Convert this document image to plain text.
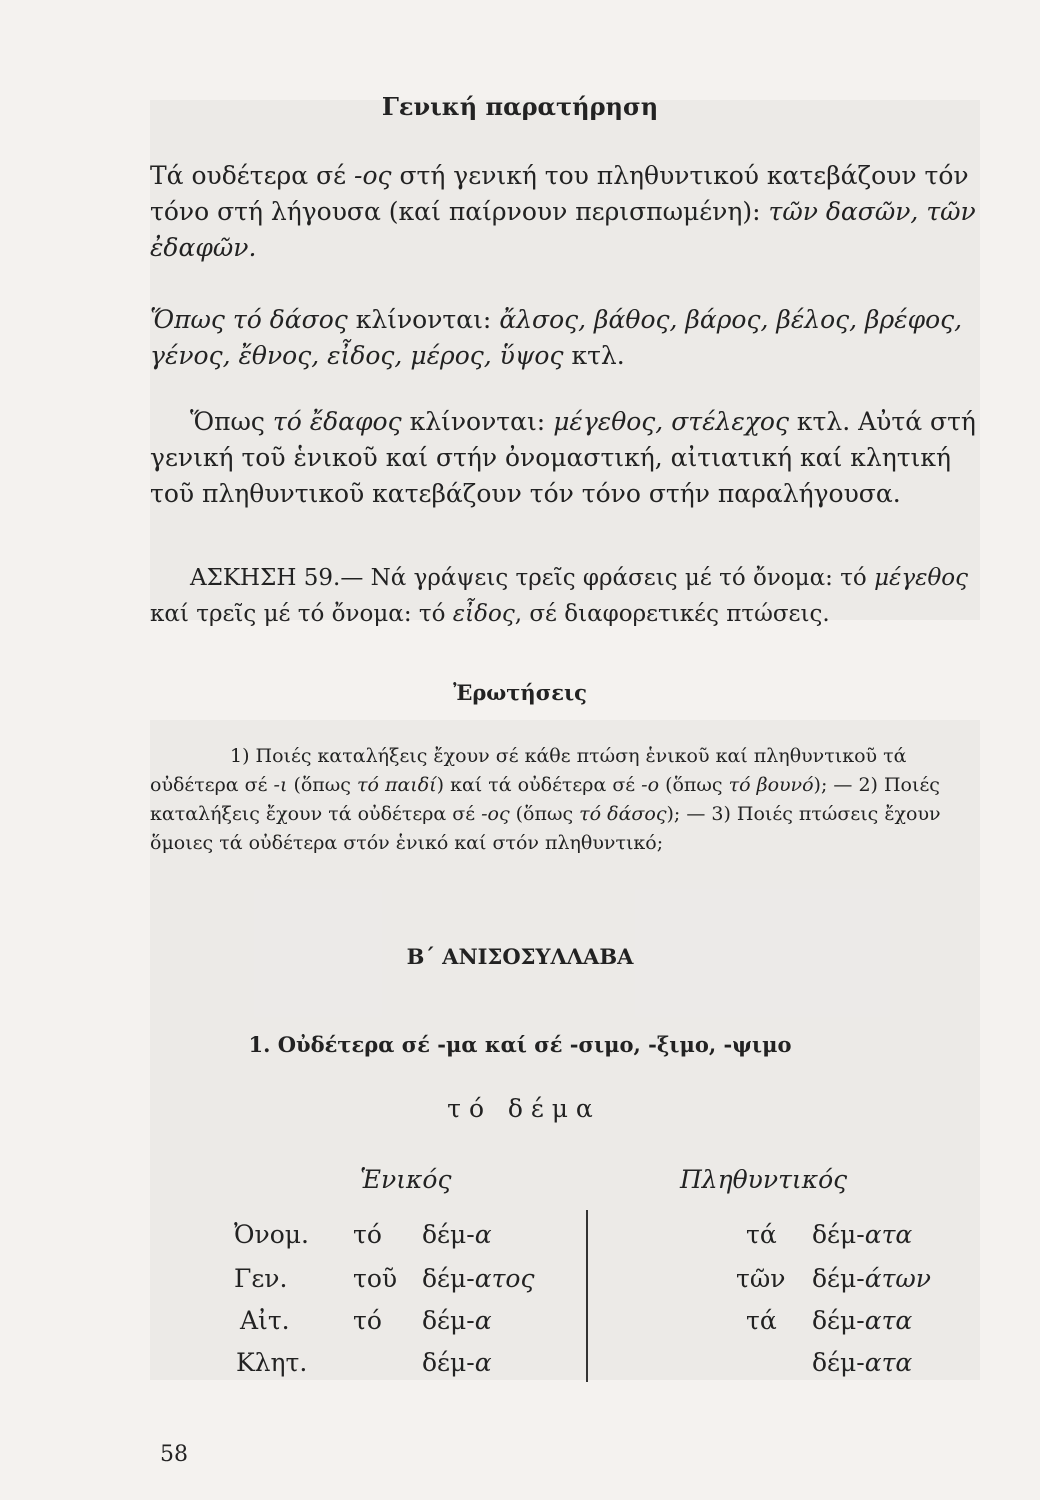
Γενική παρατήρηση
Τά ουδέτερα σέ -ος στή γενική του πληθυντικού κατεβάζουν τόν τόνο στή λήγουσα (καί παίρνουν περισπωμένη): τῶν δασῶν, τῶν ἐδαφῶν.
Ὅπως τό δάσος κλίνονται: ἄλσος, βάθος, βάρος, βέλος, βρέφος, γένος, ἔθνος, εἶδος, μέρος, ὕψος κτλ.
Ὅπως τό ἔδαφος κλίνονται: μέγεθος, στέλεχος κτλ. Αὐτά στή γενική τοῦ ἑνικοῦ καί στήν ὀνομαστική, αἰτιατική καί κλητική τοῦ πληθυντικοῦ κατεβάζουν τόν τόνο στήν παραλήγουσα.
ΑΣΚΗΣΗ 59.— Νά γράψεις τρεῖς φράσεις μέ τό ὄνομα: τό μέγεθος καί τρεῖς μέ τό ὄνομα: τό εἶδος, σέ διαφορετικές πτώσεις.
Ἐρωτήσεις
1) Ποιές καταλήξεις ἔχουν σέ κάθε πτώση ἑνικοῦ καί πληθυντικοῦ τά οὐδέτερα σέ -ι (ὅπως τό παιδί) καί τά οὐδέτερα σέ -ο (ὅπως τό βουνό); — 2) Ποιές καταλήξεις ἔχουν τά οὐδέτερα σέ -ος (ὅπως τό δάσος); — 3) Ποιές πτώσεις ἔχουν ὅμοιες τά οὐδέτερα στόν ἑνικό καί στόν πληθυντικό;
Β΄ ΑΝΙΣΟΣΥΛΛΑΒΑ
1. Οὐδέτερα σέ -μα καί σέ -σιμο, -ξιμο, -ψιμο
τ ό   δ έ μ α
Ἑνικός	Πληθυντικός
Ὀνομ. τό δέμ-α	τά δέμ-ατα
Γεν.	τοῦ δέμ-ατος	τῶν δέμ-άτων
Αἰτ.	τό δέμ-α	τά δέμ-ατα
Κλητ.	δέμ-α	δέμ-ατα
58
